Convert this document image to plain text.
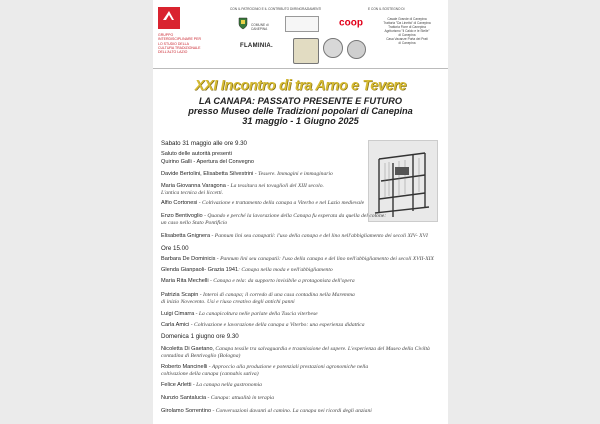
GRUPPO INTERDISCIPLINARE PER LO STUDIO DELLA CULTURA TRADIZIONALE DELL'ALTO LAZIO
CON IL PATROCINIO E IL CONTRIBUTO DI/RINGRAZIAMENTI
COMUNE di CANEPINA
coop
FLAMINIA.
E CON IL SOSTEGNO DI
Casale Grande di Canepina
Trattoria "Da Linetta" di Canepina
Trattoria Fiore di Canepina
Agriturismo "Il Caldo e le Stelle"
di Canepina
Casa Vacanze Porta dei Prati
di Canepina
XXI Incontro di tra Arno e Tevere
LA CANAPA: PASSATO PRESENTE E FUTURO
presso Museo delle Tradizioni popolari di Canepina
31 maggio - 1 Giugno 2025
Sabato 31 maggio alle ore 9.30
Saluto delle autorità presenti
Quirino Galli - Apertura del Convegno
Davide Bertolini, Elisabetta Silvestrini - Tessere. Immagini e immaginario
Maria Giovanna Varagona - La tessitura nei tovaglioli del XIII secolo.
L'antica tecnica dei liccetti.
Alfio Cortonesi - Coltivazione e trattamento della canapa a Viterbo e nel Lazio medievale
Enzo Bentivoglio - Quando e perché la lavorazione della Canapa fu esperata da quella del cotone:
un caso nello Stato Pontificio
Elisabetta Gnignera - Pannum lini seu canapatii: l'uso della canapa e del lino nell'abbigliamento dei secoli XIV- XVI
Ore 15.00
Barbara De Dominicis - Pannum lini seu canapatii: l'uso della canapa e del lino nell'abbigliamento dei secoli XVII-XIX
Glenda Gianpaoli- Grazia 1941: Canapa nella moda e nell'abbigliamento
Maria Rita Mechelli - Canapa e tela: da supporto invisibile a protagonista dell'opera
Patrizia Scapin - Interni di canapa; il corredo di una casa contadina nella Maremma
di inizio Novecento. Usi e riuso creativo degli antichi panni
Luigi Cimarra - La canapicoltura nelle parlate della Tuscia viterbese
Carla Amici - Coltivazione e lavorazione della canapa a Viterbo: una esperienza didattica
Domenica 1 giugno ore 9.30
Nicoletta Di Gaetano, Canapa tessile tra salvaguardia e trasmissione del sapere. L'esperienza del Museo della Civiltà
contadina di Bentivoglio (Bologna)
Roberto Mancinelli - Approccio alla produzione e potenziali prestazioni agronomiche nella
coltivazione della canapa (cannabis sativa)
Felice Arletti - La canapa nella gastronomia
Nunzio Santalucia - Canapa: attualità in terapia
Girolamo Sorrentino - Conversazioni davanti al camino. La canapa nei ricordi degli anziani
